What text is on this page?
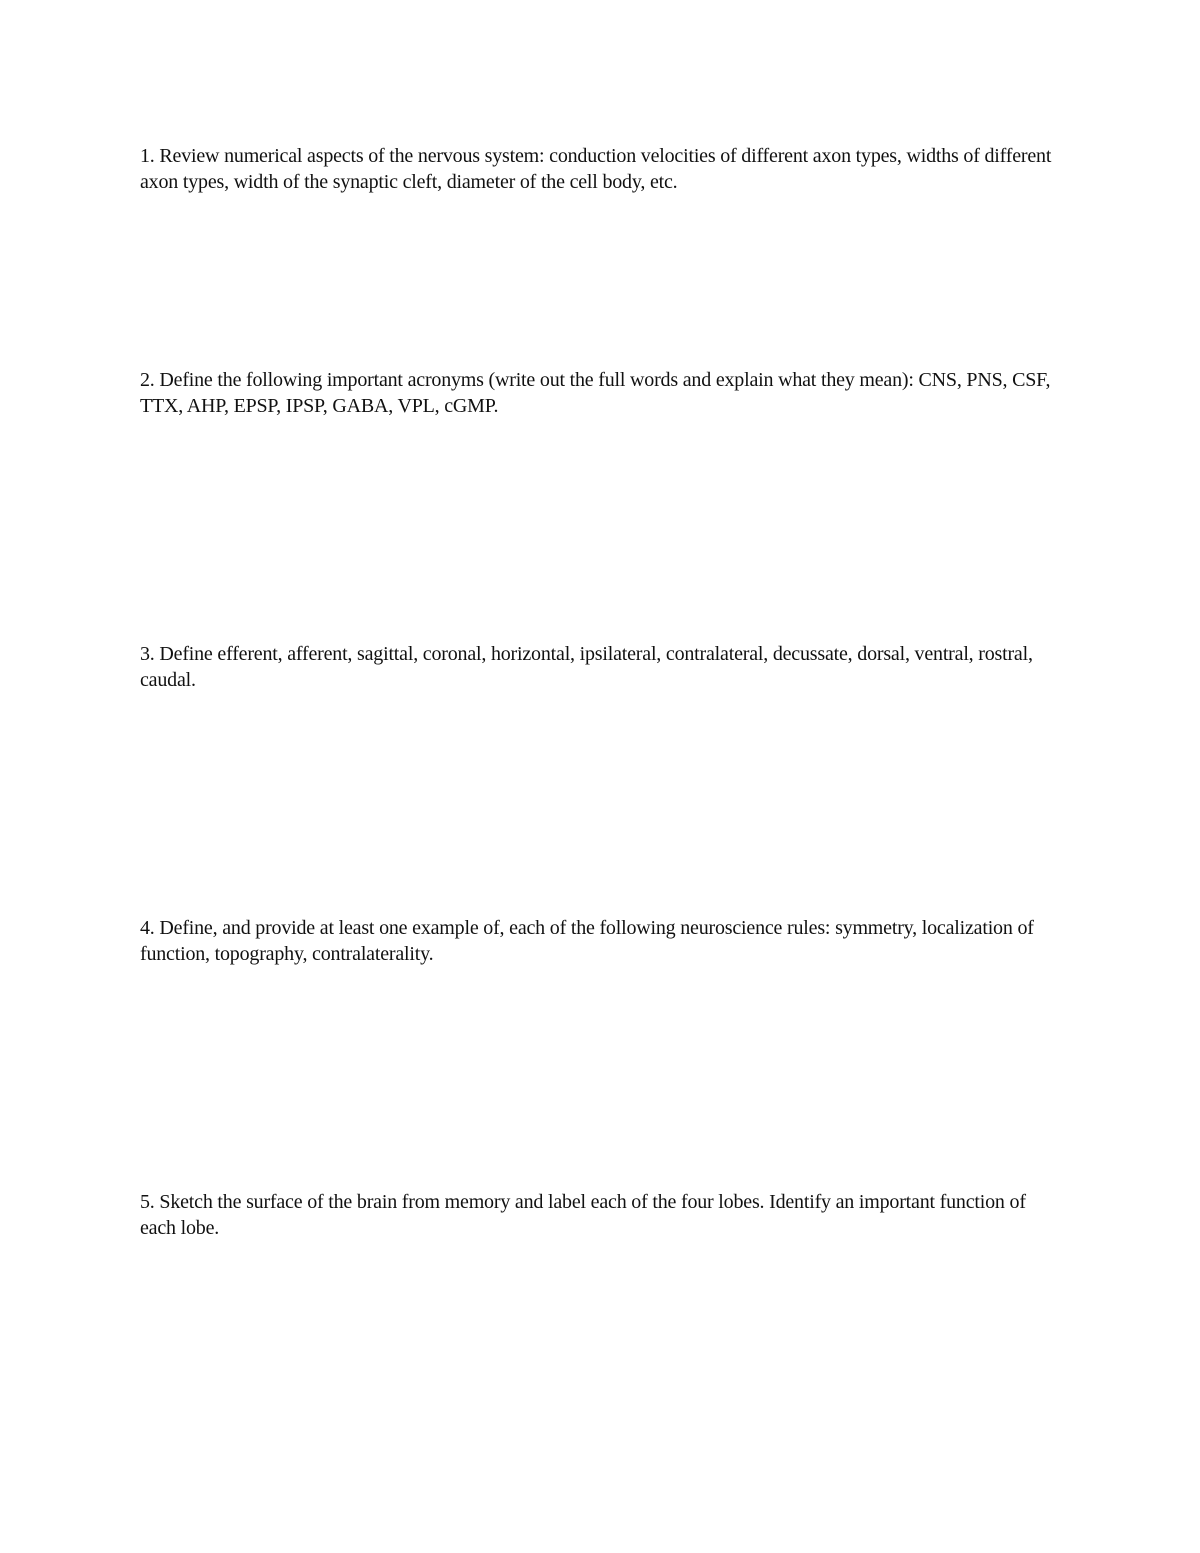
1. Review numerical aspects of the nervous system: conduction velocities of different axon types, widths of different axon types, width of the synaptic cleft, diameter of the cell body, etc.

2. Define the following important acronyms (write out the full words and explain what they mean): CNS, PNS, CSF, TTX, AHP, EPSP, IPSP, GABA, VPL, cGMP.

3. Define efferent, afferent, sagittal, coronal, horizontal, ipsilateral, contralateral, decussate, dorsal, ventral, rostral, caudal.

4. Define, and provide at least one example of, each of the following neuroscience rules: symmetry, localization of function, topography, contralaterality.

5. Sketch the surface of the brain from memory and label each of the four lobes. Identify an important function of each lobe.
